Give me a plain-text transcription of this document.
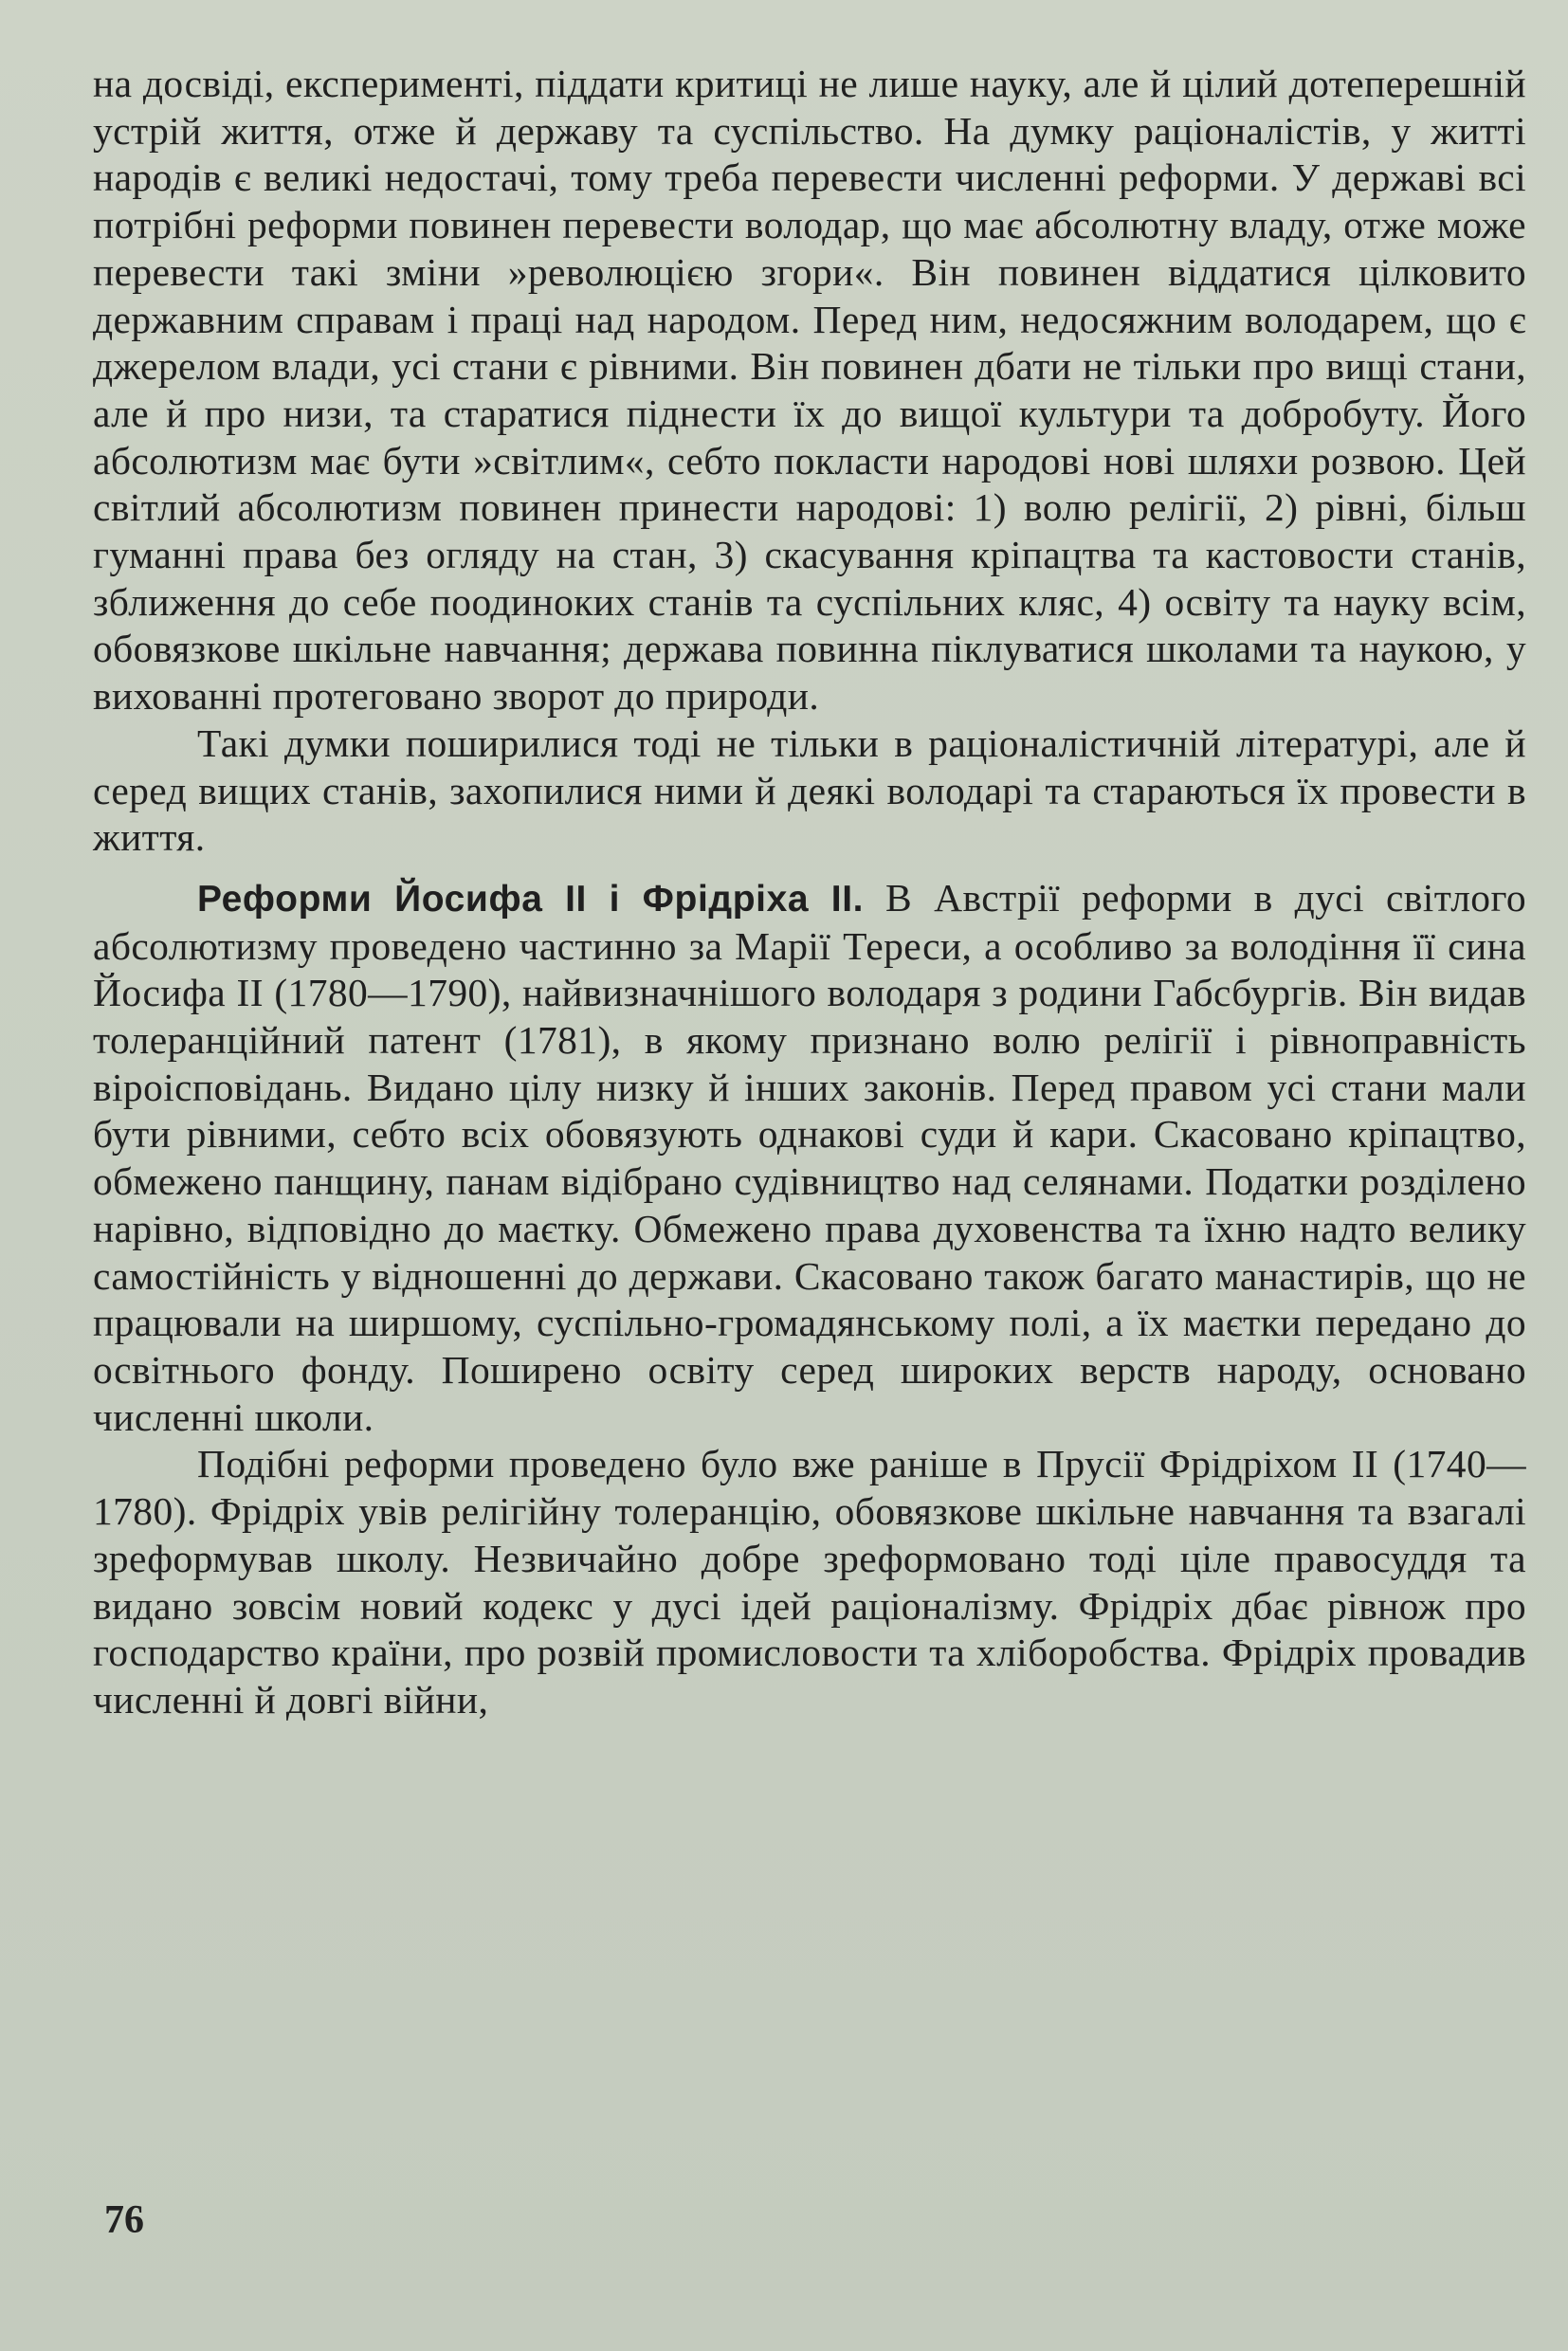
на досвіді, експерименті, піддати критиці не лише науку, але й цілий дотеперешній устрій життя, отже й державу та суспільство. На думку раціоналістів, у житті народів є великі недостачі, тому треба перевести численні реформи. У державі всі потрібні реформи повинен перевести володар, що має абсолютну владу, отже може перевести такі зміни »революцією згори«. Він повинен віддатися цілковито державним справам і праці над народом. Перед ним, недосяжним володарем, що є джерелом влади, усі стани є рівними. Він повинен дбати не тільки про вищі стани, але й про низи, та старатися піднести їх до вищої культури та добробуту. Його абсолютизм має бути »світлим«, себто покласти народові нові шляхи розвою. Цей світлий абсолютизм повинен принести народові: 1) волю релігії, 2) рівні, більш гуманні права без огляду на стан, 3) скасування кріпацтва та кастовости станів, зближення до себе поодиноких станів та суспільних кляс, 4) освіту та науку всім, обовязкове шкільне навчання; держава повинна піклуватися школами та наукою, у вихованні протеговано зворот до природи.

Такі думки поширилися тоді не тільки в раціоналістичній літературі, але й серед вищих станів, захопилися ними й деякі володарі та стараються їх провести в життя.

Реформи Йосифа II і Фрідріха II. В Австрії реформи в дусі світлого абсолютизму проведено частинно за Марії Тереси, а особливо за володіння її сина Йосифа II (1780—1790), найвизначнішого володаря з родини Габсбургів. Він видав толеранційний патент (1781), в якому признано волю релігії і рівноправність віроісповідань. Видано цілу низку й інших законів. Перед правом усі стани мали бути рівними, себто всіх обовязують однакові суди й кари. Скасовано кріпацтво, обмежено панщину, панам відібрано судівництво над селянами. Податки розділено нарівно, відповідно до маєтку. Обмежено права духовенства та їхню надто велику самостійність у відношенні до держави. Скасовано також багато манастирів, що не працювали на ширшому, суспільно-громадянському полі, а їх маєтки передано до освітнього фонду. Поширено освіту серед широких верств народу, основано численні школи.

Подібні реформи проведено було вже раніше в Прусії Фрідріхом II (1740—1780). Фрідріх увів релігійну толеранцію, обовязкове шкільне навчання та взагалі зреформував школу. Незвичайно добре зреформовано тоді ціле правосуддя та видано зовсім новий кодекс у дусі ідей раціоналізму. Фрідріх дбає рівнож про господарство країни, про розвій промисловости та хліборобства. Фрідріх провадив численні й довгі війни,

76
